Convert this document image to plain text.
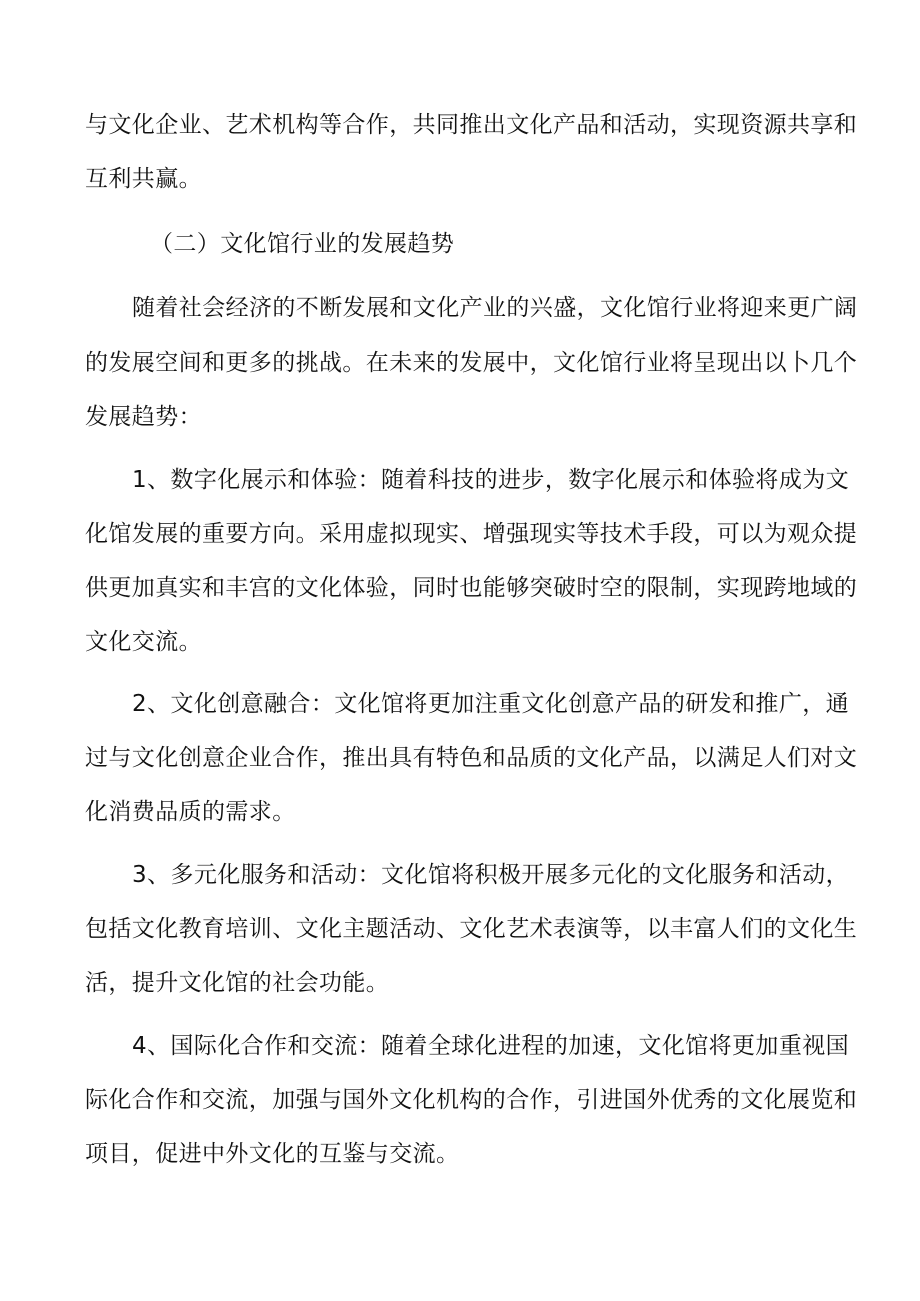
与文化企业、艺术机构等合作，共同推出文化产品和活动，实现资源共享和
互利共赢。
（二）文化馆行业的发展趋势
随着社会经济的不断发展和文化产业的兴盛，文化馆行业将迎来更广阔
的发展空间和更多的挑战。在未来的发展中，文化馆行业将呈现出以卜几个
发展趋势：
1、数字化展示和体验：随着科技的进步，数字化展示和体验将成为文
化馆发展的重要方向。采用虚拟现实、增强现实等技术手段，可以为观众提
供更加真实和丰宫的文化体验，同时也能够突破时空的限制，实现跨地域的
文化交流。
2、文化创意融合：文化馆将更加注重文化创意产品的研发和推广，通
过与文化创意企业合作，推出具有特色和品质的文化产品，以满足人们对文
化消费品质的需求。
3、多元化服务和活动：文化馆将积极开展多元化的文化服务和活动，
包括文化教育培训、文化主题活动、文化艺术表演等，以丰富人们的文化生
活，提升文化馆的社会功能。
4、国际化合作和交流：随着全球化进程的加速，文化馆将更加重视国
际化合作和交流，加强与国外文化机构的合作，引进国外优秀的文化展览和
项目，促进中外文化的互鉴与交流。
